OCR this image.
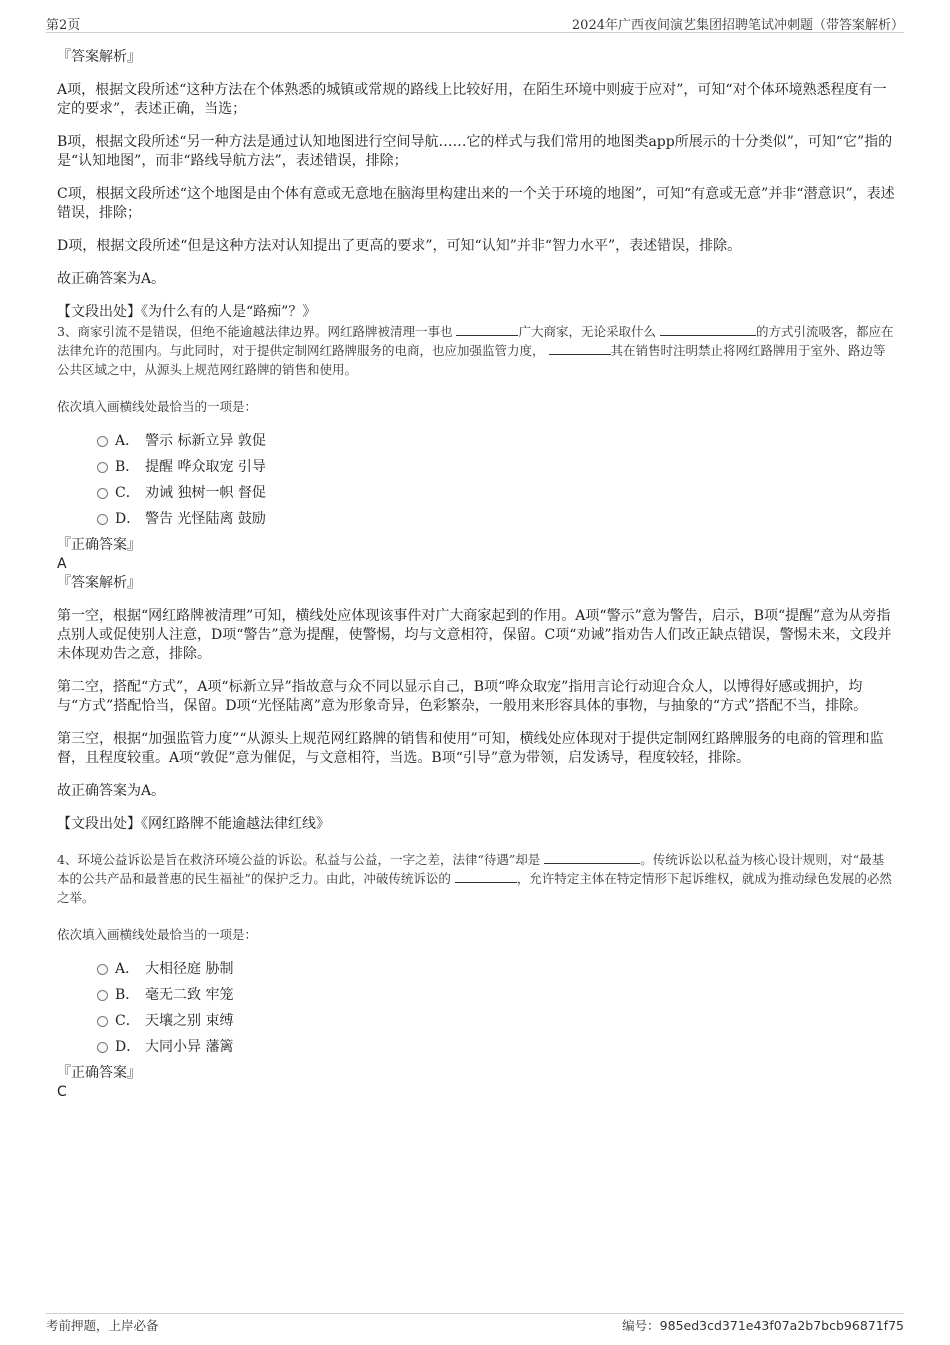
第2页	2024年广西夜间演艺集团招聘笔试冲刺题（带答案解析）

『答案解析』

A项，根据文段所述“这种方法在个体熟悉的城镇或常规的路线上比较好用，在陌生环境中则疲于应对”，可知“对个体环境熟悉程度有一定的要求”，表述正确，当选；

B项，根据文段所述“另一种方法是通过认知地图进行空间导航……它的样式与我们常用的地图类app所展示的十分类似”，可知“它”指的是“认知地图”，而非“路线导航方法”，表述错误，排除；

C项，根据文段所述“这个地图是由个体有意或无意地在脑海里构建出来的一个关于环境的地图”，可知“有意或无意”并非“潜意识”，表述错误，排除；

D项，根据文段所述“但是这种方法对认知提出了更高的要求”，可知“认知”并非“智力水平”，表述错误，排除。

故正确答案为A。

【文段出处】《为什么有的人是“路痴”？》

3、商家引流不是错误，但绝不能逾越法律边界。网红路牌被清理一事也	广大商家，无论采取什么	的方式引流吸客，都应在法律允许的范围内。与此同时，对于提供定制网红路牌服务的电商，也应加强监管力度，	其在销售时注明禁止将网红路牌用于室外、路边等公共区域之中，从源头上规范网红路牌的销售和使用。

依次填入画横线处最恰当的一项是：

A． 警示 标新立异 敦促
B． 提醒 哗众取宠 引导
C． 劝诫 独树一帜 督促
D． 警告 光怪陆离 鼓励

『正确答案』

A

『答案解析』

第一空，根据“网红路牌被清理”可知，横线处应体现该事件对广大商家起到的作用。A项“警示”意为警告，启示，B项“提醒”意为从旁指点别人或促使别人注意，D项“警告”意为提醒，使警惕，均与文意相符，保留。C项“劝诫”指劝告人们改正缺点错误，警惕未来，文段并未体现劝告之意，排除。

第二空，搭配“方式”，A项“标新立异”指故意与众不同以显示自己，B项“哗众取宠”指用言论行动迎合众人，以博得好感或拥护，均与“方式”搭配恰当，保留。D项“光怪陆离”意为形象奇异，色彩繁杂，一般用来形容具体的事物，与抽象的“方式”搭配不当，排除。

第三空，根据“加强监管力度”“从源头上规范网红路牌的销售和使用”可知，横线处应体现对于提供定制网红路牌服务的电商的管理和监督，且程度较重。A项“敦促”意为催促，与文意相符，当选。B项“引导”意为带领，启发诱导，程度较轻，排除。

故正确答案为A。

【文段出处】《网红路牌不能逾越法律红线》

4、环境公益诉讼是旨在救济环境公益的诉讼。私益与公益，一字之差，法律“待遇”却是	。传统诉讼以私益为核心设计规则，对“最基本的公共产品和最普惠的民生福祉”的保护乏力。由此，冲破传统诉讼的	，允许特定主体在特定情形下起诉维权，就成为推动绿色发展的必然之举。

依次填入画横线处最恰当的一项是：

A． 大相径庭 胁制
B． 毫无二致 牢笼
C． 天壤之别 束缚
D． 大同小异 藩篱

『正确答案』

C

考前押题，上岸必备	编号：985ed3cd371e43f07a2b7bcb96871f75
